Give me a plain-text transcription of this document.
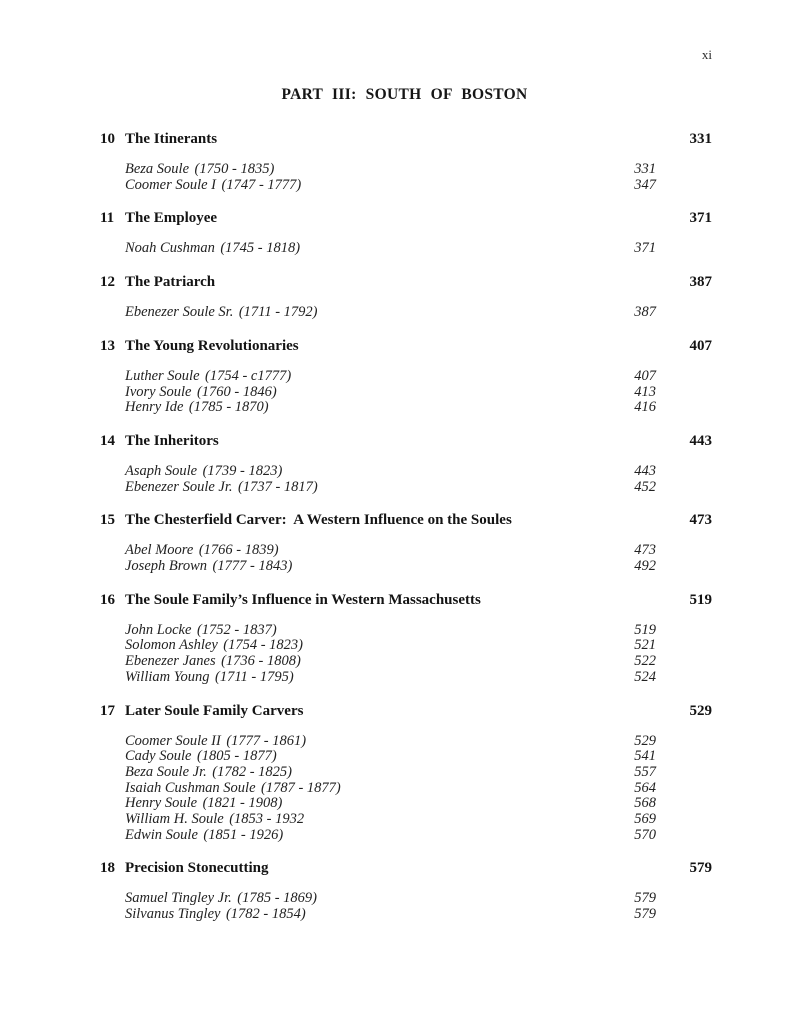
xi
PART III: SOUTH OF BOSTON
10 The Itinerants	331
Beza Soule (1750 - 1835)	331
Coomer Soule I (1747 - 1777)	347
11 The Employee	371
Noah Cushman (1745 - 1818)	371
12 The Patriarch	387
Ebenezer Soule Sr. (1711 - 1792)	387
13 The Young Revolutionaries	407
Luther Soule (1754 - c1777)	407
Ivory Soule (1760 - 1846)	413
Henry Ide (1785 - 1870)	416
14 The Inheritors	443
Asaph Soule (1739 - 1823)	443
Ebenezer Soule Jr. (1737 - 1817)	452
15 The Chesterfield Carver:  A Western Influence on the Soules	473
Abel Moore (1766 - 1839)	473
Joseph Brown (1777 - 1843)	492
16 The Soule Family’s Influence in Western Massachusetts	519
John Locke (1752 - 1837)	519
Solomon Ashley (1754 - 1823)	521
Ebenezer Janes (1736 - 1808)	522
William Young (1711 - 1795)	524
17 Later Soule Family Carvers	529
Coomer Soule II (1777 - 1861)	529
Cady Soule (1805 - 1877)	541
Beza Soule Jr. (1782 - 1825)	557
Isaiah Cushman Soule (1787 - 1877)	564
Henry Soule (1821 - 1908)	568
William H. Soule (1853 - 1932	569
Edwin Soule (1851 - 1926)	570
18 Precision Stonecutting	579
Samuel Tingley Jr. (1785 - 1869)	579
Silvanus Tingley (1782 - 1854)	579
